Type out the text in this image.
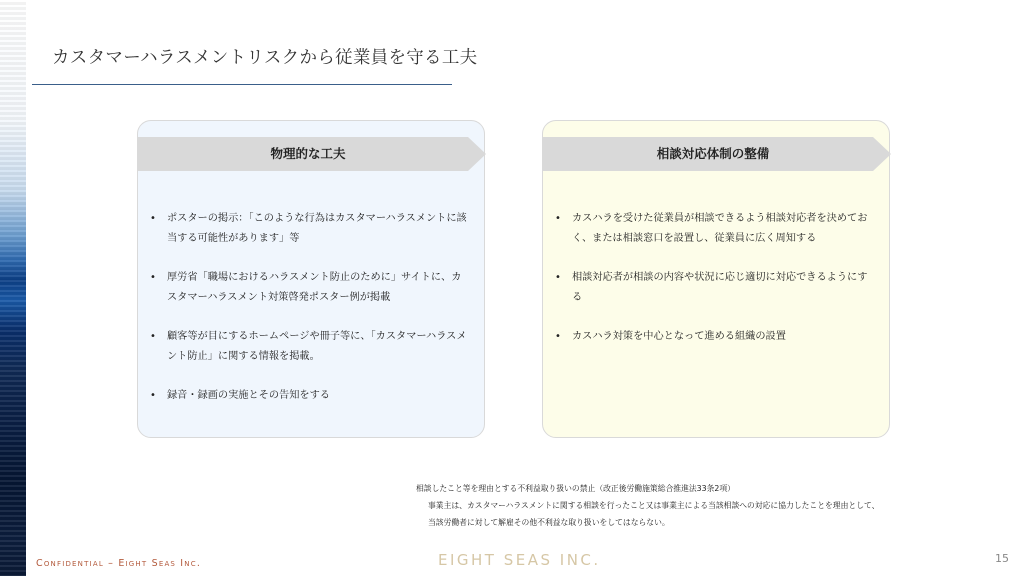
カスタマーハラスメントリスクから従業員を守る工夫
物理的な工夫
• ポスターの掲示：「このような行為はカスタマーハラスメントに該当する可能性があります」等
• 厚労省「職場におけるハラスメント防止のために」サイトに、カスタマーハラスメント対策啓発ポスター例が掲載
• 顧客等が目にするホームページや冊子等に、「カスタマーハラスメント防止」に関する情報を掲載。
• 録音・録画の実施とその告知をする
相談対応体制の整備
• カスハラを受けた従業員が相談できるよう相談対応者を決めておく、または相談窓口を設置し、従業員に広く周知する
• 相談対応者が相談の内容や状況に応じ適切に対応できるようにする
• カスハラ対策を中心となって進める組織の設置
相談したこと等を理由とする不利益取り扱いの禁止（改正後労働施策総合推進法33条2項）
事業主は、カスタマーハラスメントに関する相談を行ったこと又は事業主による当該相談への対応に協力したことを理由として、
当該労働者に対して解雇その他不利益な取り扱いをしてはならない。
Confidential – Eight Seas Inc.	EIGHT SEAS INC.	15
